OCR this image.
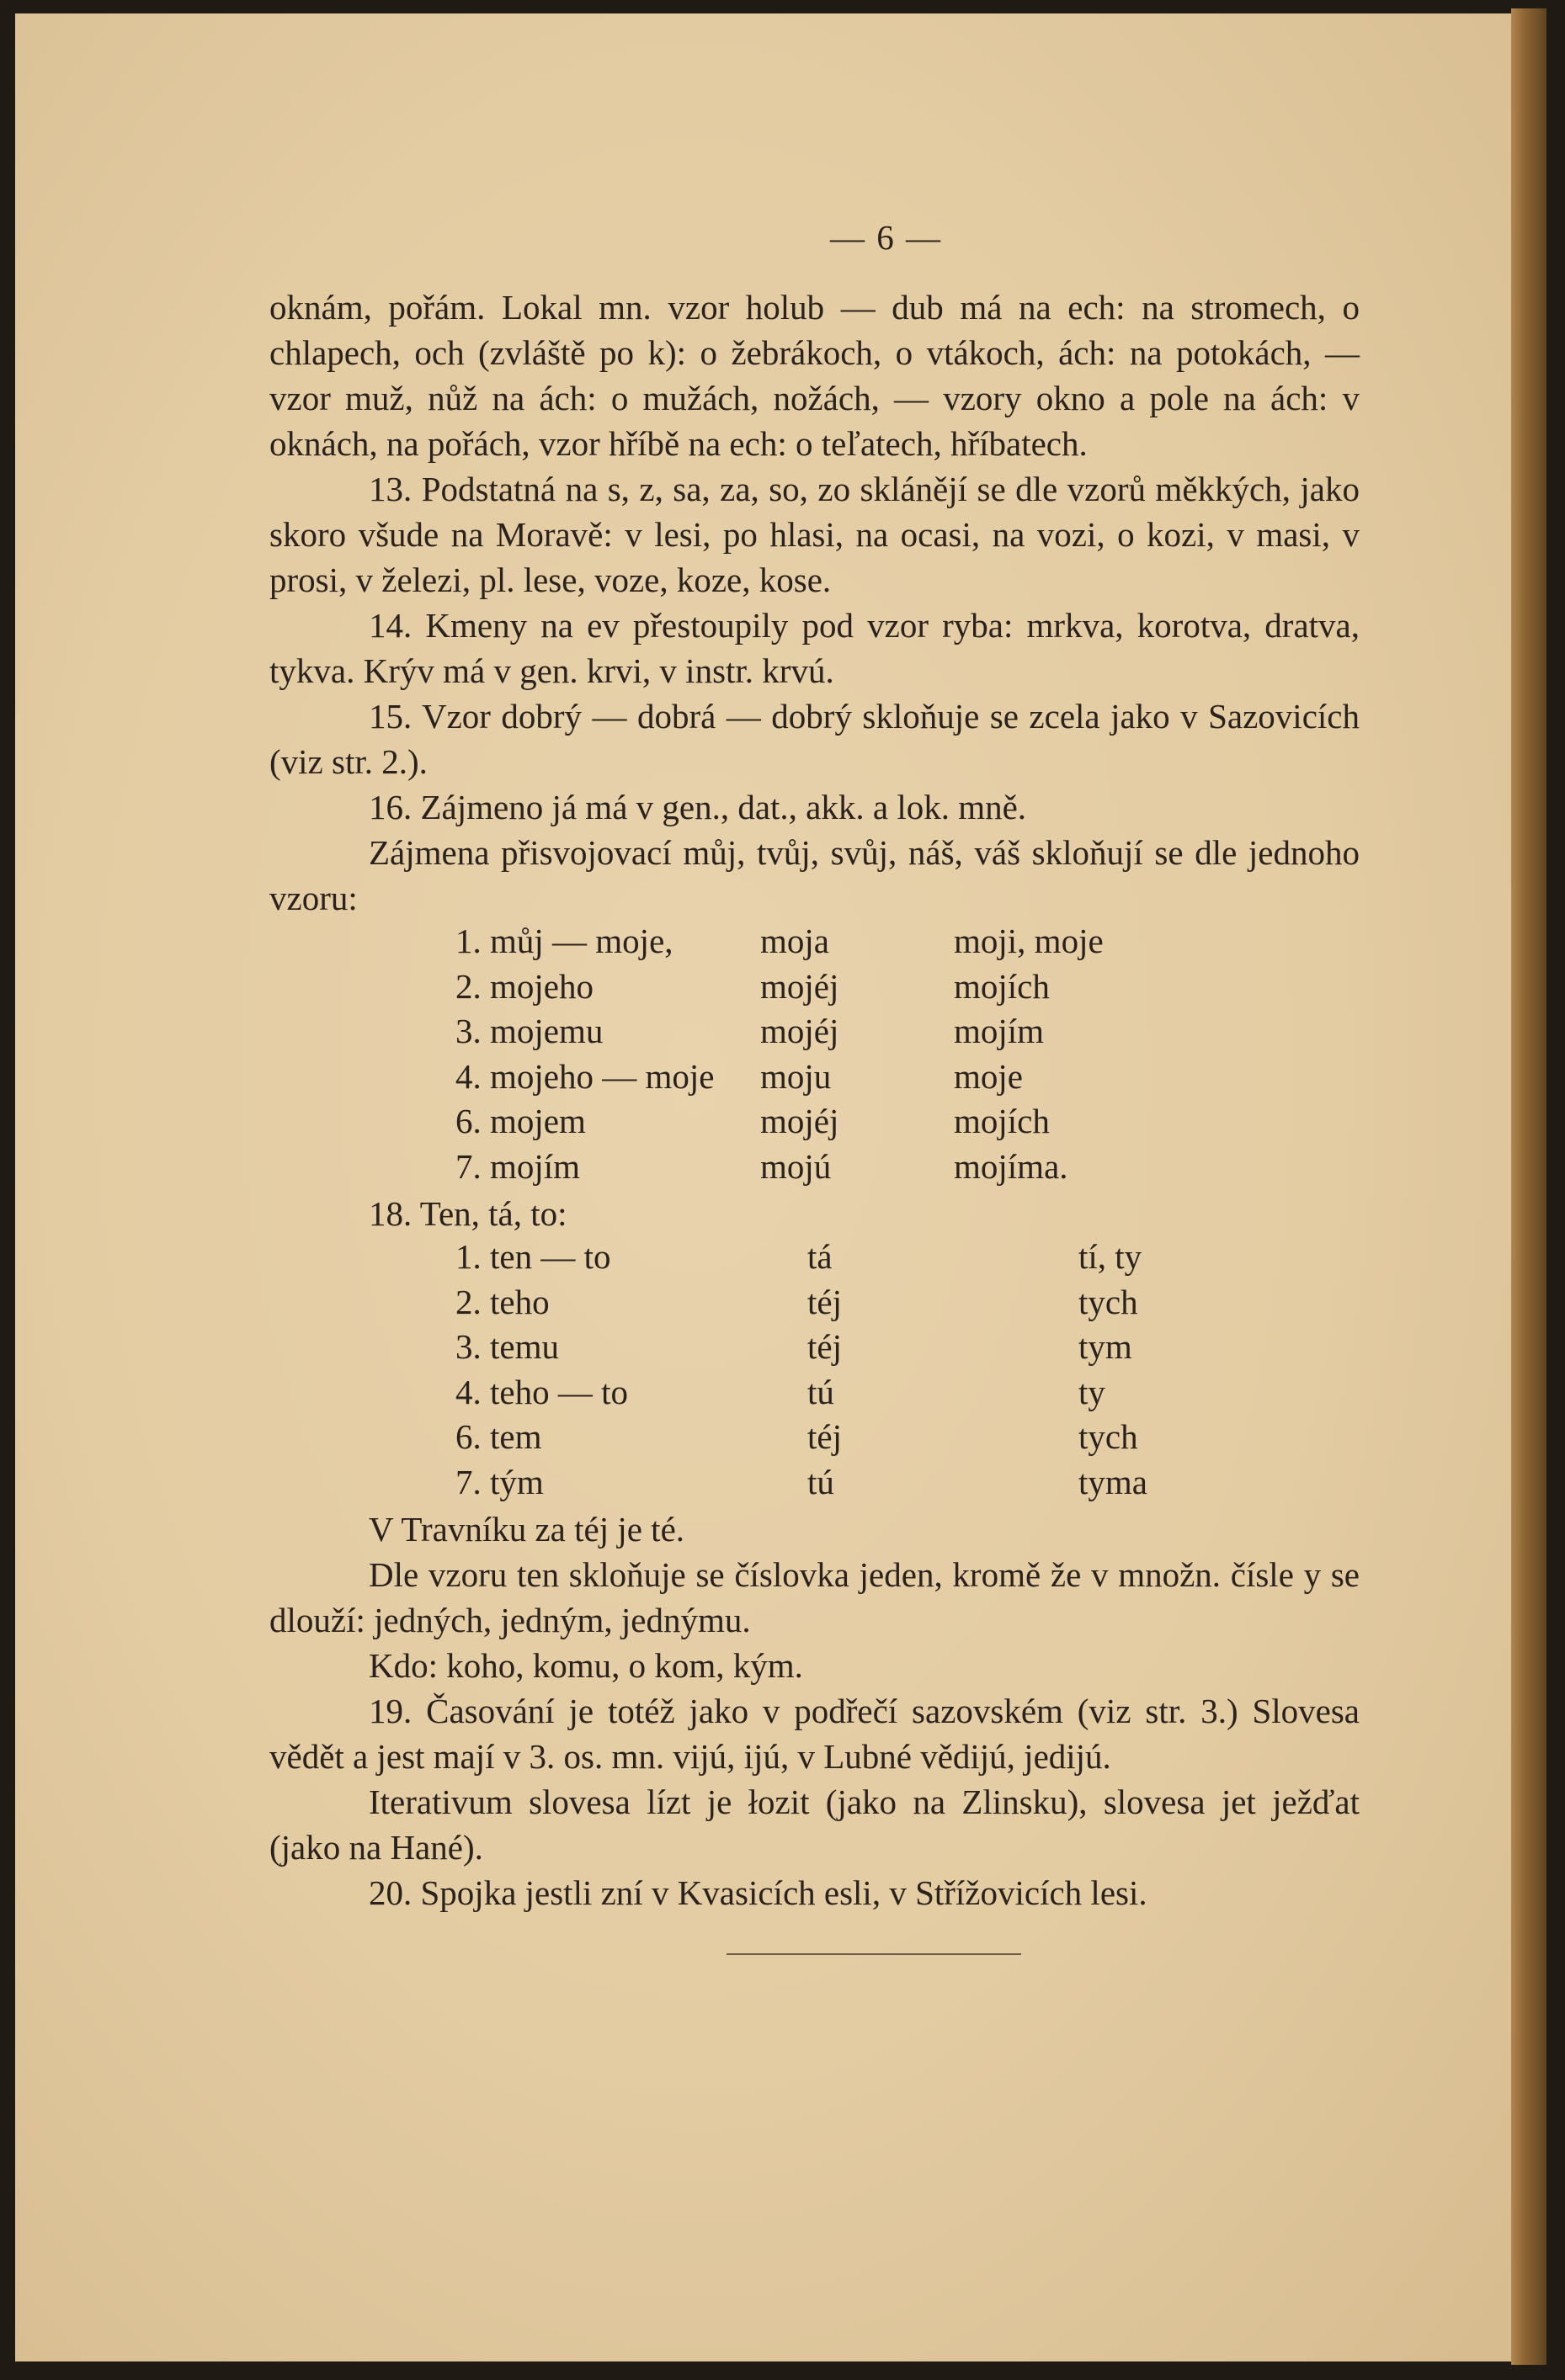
— 6 —

oknám, pořám. Lokal mn. vzor holub — dub má na ech: na stromech, o chlapech, och (zvláště po k): o žebrákoch, o vtákoch, ách: na potokách, — vzor muž, nůž na ách: o mužách, nožách, — vzory okno a pole na ách: v oknách, na pořách, vzor hříbě na ech: o teľatech, hříbatech.

13. Podstatná na s, z, sa, za, so, zo sklánějí se dle vzorů měkkých, jako skoro všude na Moravě: v lesi, po hlasi, na ocasi, na vozi, o kozi, v masi, v prosi, v železi, pl. lese, voze, koze, kose.

14. Kmeny na ev přestoupily pod vzor ryba: mrkva, korotva, dratva, tykva. Krýv má v gen. krvi, v instr. krvú.

15. Vzor dobrý — dobrá — dobrý skloňuje se zcela jako v Sazovicích (viz str. 2.).

16. Zájmeno já má v gen., dat., akk. a lok. mně.

Zájmena přisvojovací můj, tvůj, svůj, náš, váš skloňují se dle jednoho vzoru:

1. můj — moje,	moja	moji, moje
2. mojeho	mojéj	mojích
3. mojemu	mojéj	mojím
4. mojeho — moje	moju	moje
6. mojem	mojéj	mojích
7. mojím	mojú	mojíma.

18. Ten, tá, to:

1. ten — to	tá	tí, ty
2. teho	téj	tych
3. temu	téj	tym
4. teho — to	tú	ty
6. tem	téj	tych
7. tým	tú	tyma

V Travníku za téj je té.

Dle vzoru ten skloňuje se číslovka jeden, kromě že v množn. čísle y se dlouží: jedných, jedným, jednýmu.

Kdo: koho, komu, o kom, kým.

19. Časování je totéž jako v podřečí sazovském (viz str. 3.) Slovesa vědět a jest mají v 3. os. mn. vijú, ijú, v Lubné vědijú, jedijú.

Iterativum slovesa lízt je łozit (jako na Zlinsku), slovesa jet ježďat (jako na Hané).

20. Spojka jestli zní v Kvasicích esli, v Střížovicích lesi.
